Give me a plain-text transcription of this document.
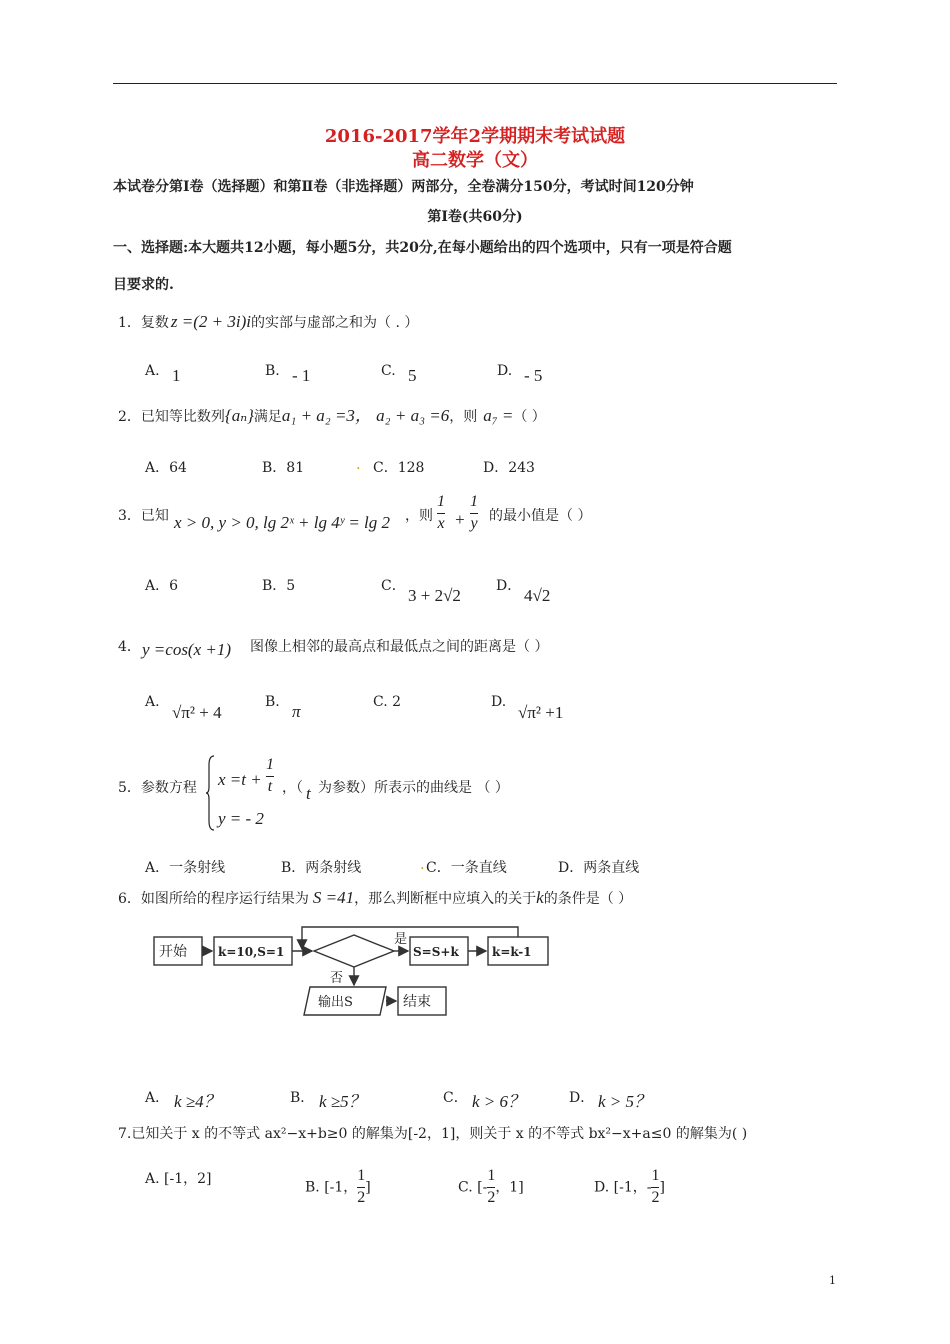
2016-2017学年2学期期末考试试题
高二数学（文）
本试卷分第Ⅰ卷（选择题）和第Ⅱ卷（非选择题）两部分，全卷满分150分，考试时间120分钟
第Ⅰ卷(共60分)
一、选择题:本大题共12小题，每小题5分，共20分,在每小题给出的四个选项中，只有一项是符合题
目要求的.
1．复数 z =(2 + 3i)i的实部与虚部之和为（ . ）
A. 1	B. - 1	C. 5	D. - 5
2．已知等比数列{aₙ}满足a₁ + a₂ =3， a₂ + a₃ =6，则 a₇ =（ ）
A．64	B．81	. C．128	D．243
3．已知 x > 0, y > 0, lg 2ˣ + lg 4ʸ = lg 2 ，则 $\frac{1}{x} + \frac{1}{y}$ 的最小值是（ ）
A．6	B．5	C． 3 + 2√2	D． 4√2
4． y =cos(x +1) 图像上相邻的最高点和最低点之间的距离是（ ）
A.
√π² + 4
B. π	C. 2	D.
√π² +1
5．参数方程 $x =t + \frac{1}{t}$ ，（ t 为参数）所表示的曲线是 （ ）
y = - 2
A．一条射线	B．两条射线	. C．一条直线	D．两条直线
6．如图所给的程序运行结果为 S =41，那么判断框中应填入的关于k的条件是（ ）
开始	k=10,S=1
是
否
S=S+k	k=k-1
输出S	结束
A． k ≥4？	B． k ≥5？	C． k > 6？	D． k > 5？
7.已知关于 x 的不等式 ax²−x+b≥0 的解集为[-2，1]，则关于 x 的不等式 bx²−x+a≤0 的解集为( )
A. [-1，2]
B. [-1， $\frac{1}{2}$ ]	C. [- $\frac{1}{2}$ ，1]	D. [-1，- $\frac{1}{2}$ ]
1
